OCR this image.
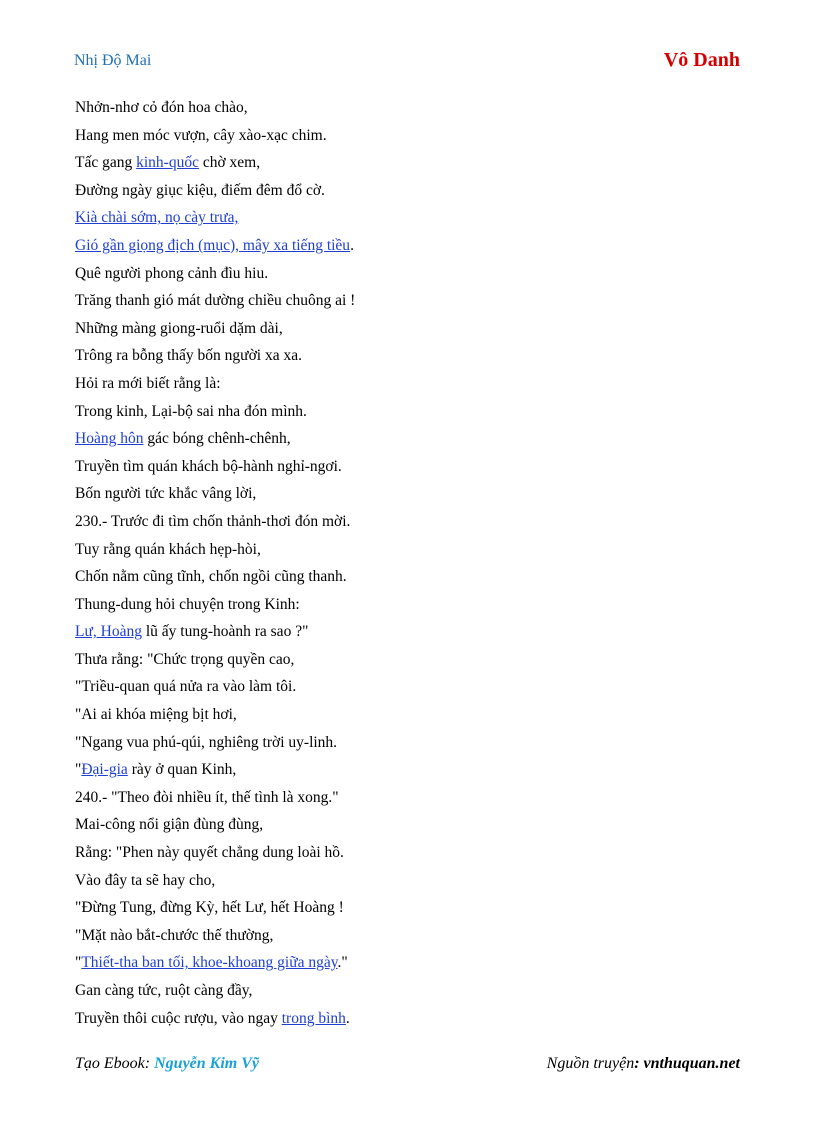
Nhị Độ Mai	Vô Danh
Nhởn-nhơ cỏ đón hoa chào,
Hang men móc vượn, cây xào-xạc chim.
Tấc gang kinh-quốc chờ xem,
Đường ngày giục kiệu, điếm đêm đổ cờ.
Kià chài sớm, nọ cày trưa,
Gió gần giọng địch (mục), mây xa tiếng tiều.
Quê người phong cảnh đìu hiu.
Trăng thanh gió mát dường chiều chuông ai !
Những màng giong-ruổi dặm dài,
Trông ra bỗng thấy bốn người xa xa.
Hỏi ra mới biết rằng là:
Trong kinh, Lại-bộ sai nha đón mình.
Hoàng hôn gác bóng chênh-chênh,
Truyền tìm quán khách bộ-hành nghỉ-ngơi.
Bốn người tức khắc vâng lời,
230.- Trước đi tìm chốn thảnh-thơi đón mời.
Tuy rằng quán khách hẹp-hòi,
Chốn nằm cũng tĩnh, chốn ngồi cũng thanh.
Thung-dung hỏi chuyện trong Kinh:
Lư, Hoàng lũ ấy tung-hoành ra sao ?"
Thưa rằng: "Chức trọng quyền cao,
"Triều-quan quá nửa ra vào làm tôi.
"Ai ai khóa miệng bịt hơi,
"Ngang vua phú-qúi, nghiêng trời uy-linh.
"Đại-gia rày ở quan Kinh,
240.- "Theo đòi nhiều ít, thế tình là xong."
Mai-công nổi giận đùng đùng,
Rằng: "Phen này quyết chẳng dung loài hồ.
Vào đây ta sẽ hay cho,
"Đừng Tung, đừng Kỳ, hết Lư, hết Hoàng !
"Mặt nào bắt-chước thế thường,
"Thiết-tha ban tối, khoe-khoang giữa ngày."
Gan càng tức, ruột càng đầy,
Truyền thôi cuộc rượu, vào ngay trong bình.
Tạo Ebook: Nguyễn Kim Vỹ	Nguồn truyện: vnthuquan.net
